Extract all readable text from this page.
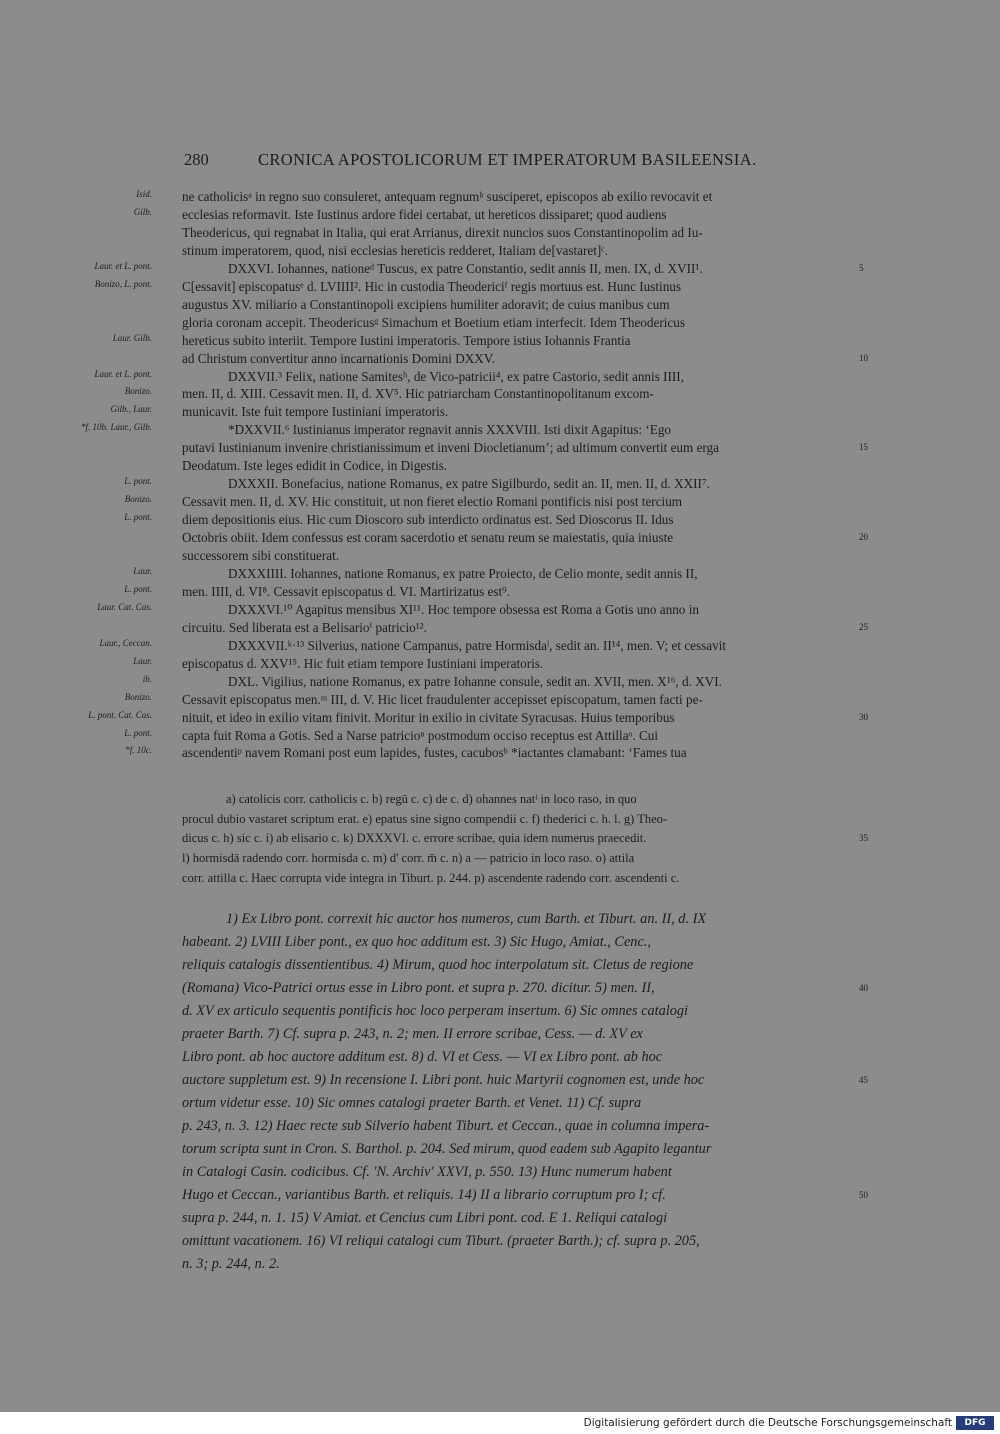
280	CRONICA APOSTOLICORUM ET IMPERATORUM BASILEENSIA.
Isid. ne catholicisᵃ in regno suo consuleret, antequam regnumᵇ susciperet, episcopos ab exilio revocavit et
Gilb. ecclesias reformavit. Iste Iustinus ardore fidei certabat, ut hereticos dissiparet; quod audiens
Theodericus, qui regnabat in Italia, qui erat Arrianus, direxit nuncios suos Constantinopolim ad Iu-
stinum imperatorem, quod, nisi ecclesias hereticis redderet, Italiam de[vastaret]ᶜ.
Laur. et L. pont.	DXXVI. Iohannes, nationeᵈ Tuscus, ex patre Constantio, sedit annis II, men. IX, d. XVII¹.	5
Bonizo, L. pont. C[essavit] episcopatusᵉ d. LVIIII². Hic in custodia Theodericiᶠ regis mortuus est. Hunc Iustinus
augustus XV. miliario a Constantinopoli excipiens humiliter adoravit; de cuius manibus cum
gloria coronam accepit. Theodericusᵍ Simachum et Boetium etiam interfecit. Idem Theodericus
Laur. Gilb. hereticus subito interiit. Tempore Iustini imperatoris. Tempore istius Iohannis Frantia
ad Christum convertitur anno incarnationis Domini DXXV.	10
Laur. et L. pont.	DXXVII.³ Felix, natione Samitesʰ, de Vico-patricii⁴, ex patre Castorio, sedit annis IIII,
Bonizo. men. II, d. XIII. Cessavit men. II, d. XV⁵. Hic patriarcham Constantinopolitanum excom-
Gilb., Laur. municavit. Iste fuit tempore Iustiniani imperatoris.
*f. 10b. Laur., Gilb.	*DXXVII.⁶ Iustinianus imperator regnavit annis XXXVIII. Isti dixit Agapitus: ‘Ego
putavi Iustinianum invenire christianissimum et inveni Diocletianum’; ad ultimum convertit eum erga	15
Deodatum. Iste leges edidit in Codice, in Digestis.
L. pont.	DXXXII. Bonefacius, natione Romanus, ex patre Sigilburdo, sedit an. II, men. II, d. XXII⁷.
Bonizo. Cessavit men. II, d. XV. Hic constituit, ut non fieret electio Romani pontificis nisi post tercium
L. pont. diem depositionis eius. Hic cum Dioscoro sub interdicto ordinatus est. Sed Dioscorus II. Idus
Octobris obiit. Idem confessus est coram sacerdotio et senatu reum se maiestatis, quia iniuste	20
successorem sibi constituerat.
Laur.	DXXXIIII. Iohannes, natione Romanus, ex patre Proiecto, de Celio monte, sedit annis II,
L. pont. men. IIII, d. VI⁸. Cessavit episcopatus d. VI. Martirizatus est⁹.
Laur. Cat. Cas.	DXXXVI.¹⁰ Agapitus mensibus XI¹¹. Hoc tempore obsessa est Roma a Gotis uno anno in
circuitu. Sed liberata est a Belisarioⁱ patricio¹².	25
Laur., Ceccan.	DXXXVII.ᵏ·¹³ Silverius, natione Campanus, patre Hormisdaˡ, sedit an. II¹⁴, men. V; et cessavit
Laur. episcopatus d. XXV¹⁵. Hic fuit etiam tempore Iustiniani imperatoris.
ib.	DXL. Vigilius, natione Romanus, ex patre Iohanne consule, sedit an. XVII, men. X¹⁶, d. XVI.
Bonizo. Cessavit episcopatus men.ᵐ III, d. V. Hic licet fraudulenter accepisset episcopatum, tamen facti pe-
L. pont. Cat. Cas. nituit, et ideo in exilio vitam finivit. Moritur in exilio in civitate Syracusas. Huius temporibus	30
L. pont. capta fuit Roma a Gotis. Sed a Narse patricioⁿ postmodum occiso receptus est Attillaᵒ. Cui
*f. 10c. ascendentiᵖ navem Romani post eum lapides, fustes, cacubosʰ *iactantes clamabant: ‘Fames tua
a) catolicis corr. catholicis c. b) regū c. c) de c. d) ohannes natˡ in loco raso, in quo
procul dubio vastaret scriptum erat. e) epatus sine signo compendii c. f) thederici c. h. l. g) Theo-
dicus c. h) sic c. i) ab elisario c. k) DXXXVI. c. errore scribae, quia idem numerus praecedit.	35
l) hormisdā radendo corr. hormisda c. m) d' corr. m̄ c. n) a — patricio in loco raso. o) attila
corr. attilla c. Haec corrupta vide integra in Tiburt. p. 244. p) ascendente radendo corr. ascendenti c.
1) Ex Libro pont. correxit hic auctor hos numeros, cum Barth. et Tiburt. an. II, d. IX
habeant. 2) LVIII Liber pont., ex quo hoc additum est. 3) Sic Hugo, Amiat., Cenc.,
reliquis catalogis dissentientibus. 4) Mirum, quod hoc interpolatum sit. Cletus de regione
(Romana) Vico-Patrici ortus esse in Libro pont. et supra p. 270. dicitur. 5) men. II,	40
d. XV ex articulo sequentis pontificis hoc loco perperam insertum. 6) Sic omnes catalogi
praeter Barth. 7) Cf. supra p. 243, n. 2; men. II errore scribae, Cess. — d. XV ex
Libro pont. ab hoc auctore additum est. 8) d. VI et Cess. — VI ex Libro pont. ab hoc
auctore suppletum est. 9) In recensione I. Libri pont. huic Martyrii cognomen est, unde hoc	45
ortum videtur esse. 10) Sic omnes catalogi praeter Barth. et Venet. 11) Cf. supra
p. 243, n. 3. 12) Haec recte sub Silverio habent Tiburt. et Ceccan., quae in columna impera-
torum scripta sunt in Cron. S. Barthol. p. 204. Sed mirum, quod eadem sub Agapito legantur
in Catalogi Casin. codicibus. Cf. 'N. Archiv' XXVI, p. 550. 13) Hunc numerum habent
Hugo et Ceccan., variantibus Barth. et reliquis. 14) II a librario corruptum pro I; cf.	50
supra p. 244, n. 1. 15) V Amiat. et Cencius cum Libri pont. cod. E 1. Reliqui catalogi
omittunt vacationem. 16) VI reliqui catalogi cum Tiburt. (praeter Barth.); cf. supra p. 205,
n. 3; p. 244, n. 2.
Digitalisierung gefördert durch die Deutsche Forschungsgemeinschaft	DFG
